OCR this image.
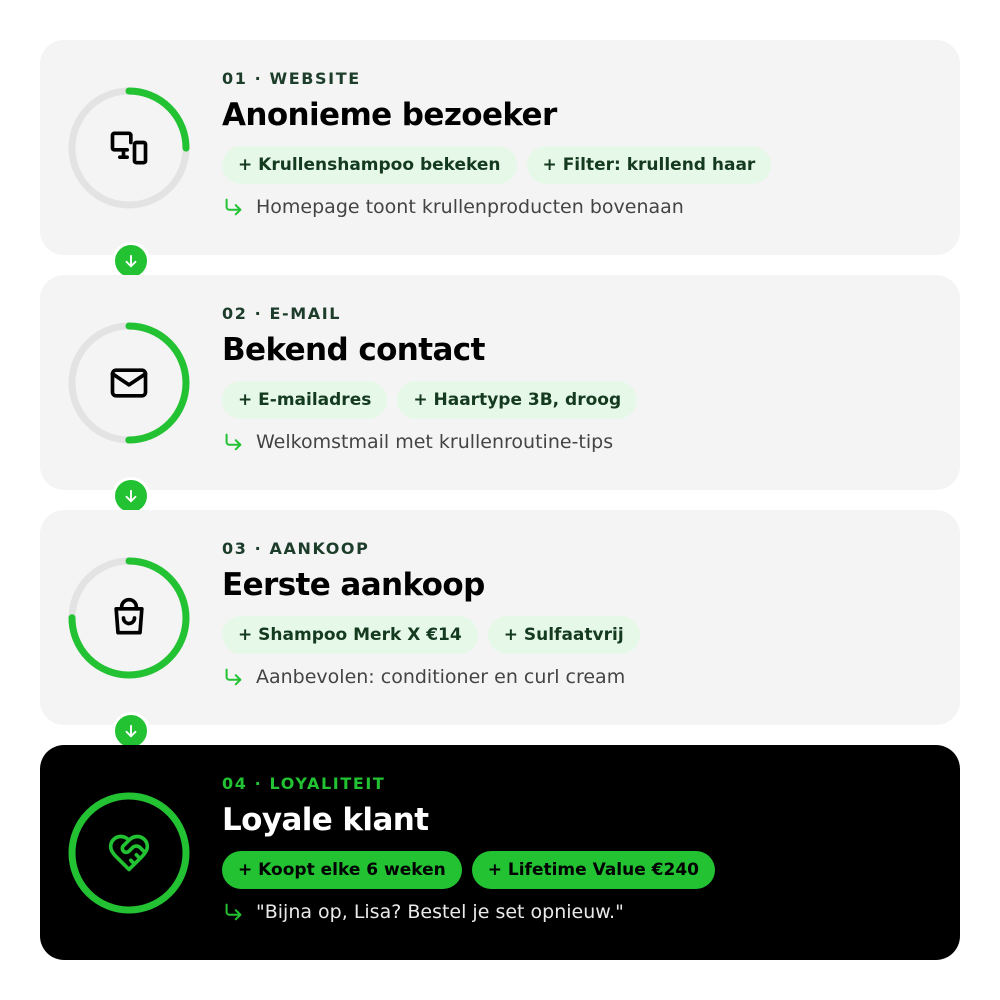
01 · WEBSITE
Anonieme bezoeker
+ Krullenshampoo bekeken	+ Filter: krullend haar
Homepage toont krullenproducten bovenaan
02 · E-MAIL
Bekend contact
+ E-mailadres	+ Haartype 3B, droog
Welkomstmail met krullenroutine-tips
03 · AANKOOP
Eerste aankoop
+ Shampoo Merk X €14	+ Sulfaatvrij
Aanbevolen: conditioner en curl cream
04 · LOYALITEIT
Loyale klant
+ Koopt elke 6 weken	+ Lifetime Value €240
"Bijna op, Lisa? Bestel je set opnieuw."
